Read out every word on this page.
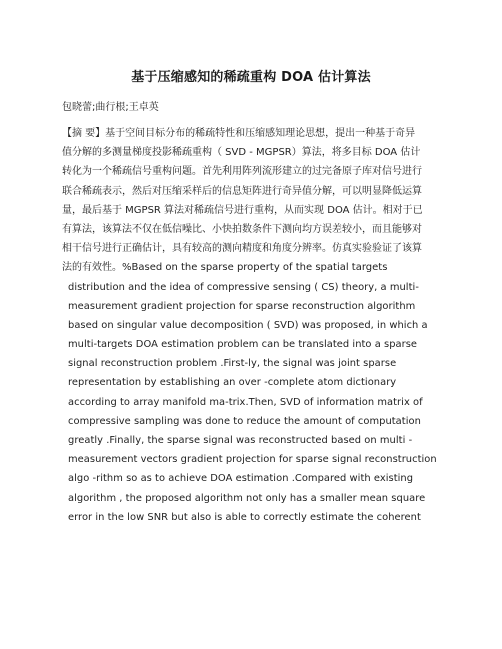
基于压缩感知的稀疏重构 DOA 估计算法
包晓蕾;曲行根;王卓英
【摘 要】基于空间目标分布的稀疏特性和压缩感知理论思想，提出一种基于奇异
值分解的多测量梯度投影稀疏重构（ SVD - MGPSR）算法，将多目标 DOA 估计
转化为一个稀疏信号重构问题。首先利用阵列流形建立的过完备原子库对信号进行
联合稀疏表示，然后对压缩采样后的信息矩阵进行奇异值分解，可以明显降低运算
量，最后基于 MGPSR 算法对稀疏信号进行重构，从而实现 DOA 估计。相对于已
有算法，该算法不仅在低信噪比、小快拍数条件下测向均方误差较小，而且能够对
相干信号进行正确估计，具有较高的测向精度和角度分辨率。仿真实验验证了该算
法的有效性。%Based on the sparse property of the spatial targets
distribution and the idea of compressive sensing ( CS) theory, a multi-
measurement gradient projection for sparse reconstruction algorithm
based on singular value decomposition ( SVD) was proposed, in which a
multi-targets DOA estimation problem can be translated into a sparse
signal reconstruction problem .First-ly, the signal was joint sparse
representation by establishing an over -complete atom dictionary
according to array manifold ma-trix.Then, SVD of information matrix of
compressive sampling was done to reduce the amount of computation
greatly .Finally, the sparse signal was reconstructed based on multi -
measurement vectors gradient projection for sparse signal reconstruction
algo -rithm so as to achieve DOA estimation .Compared with existing
algorithm , the proposed algorithm not only has a smaller mean square
error in the low SNR but also is able to correctly estimate the coherent
